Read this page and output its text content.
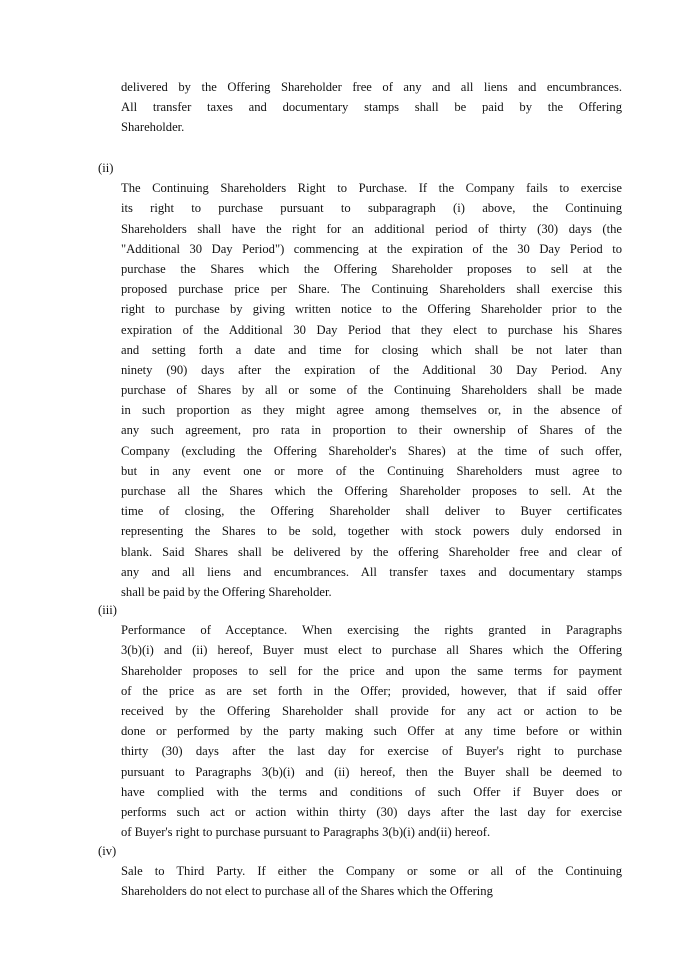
delivered by the Offering Shareholder free of any and all liens and encumbrances.
All transfer taxes and documentary stamps shall be paid by the Offering
Shareholder.
(ii)
The Continuing Shareholders Right to Purchase. If the Company fails to exercise
its right to purchase pursuant to subparagraph (i) above, the Continuing
Shareholders shall have the right for an additional period of thirty (30) days (the
"Additional 30 Day Period") commencing at the expiration of the 30 Day Period to
purchase the Shares which the Offering Shareholder proposes to sell at the
proposed purchase price per Share. The Continuing Shareholders shall exercise this
right to purchase by giving written notice to the Offering Shareholder prior to the
expiration of the Additional 30 Day Period that they elect to purchase his Shares
and setting forth a date and time for closing which shall be not later than
ninety (90) days after the expiration of the Additional 30 Day Period. Any
purchase of Shares by all or some of the Continuing Shareholders shall be made
in such proportion as they might agree among themselves or, in the absence of
any such agreement, pro rata in proportion to their ownership of Shares of the
Company (excluding the Offering Shareholder's Shares) at the time of such offer,
but in any event one or more of the Continuing Shareholders must agree to
purchase all the Shares which the Offering Shareholder proposes to sell. At the
time of closing, the Offering Shareholder shall deliver to Buyer certificates
representing the Shares to be sold, together with stock powers duly endorsed in
blank. Said Shares shall be delivered by the offering Shareholder free and clear of
any and all liens and encumbrances. All transfer taxes and documentary stamps
shall be paid by the Offering Shareholder.
(iii)
Performance of Acceptance. When exercising the rights granted in Paragraphs
3(b)(i) and (ii) hereof, Buyer must elect to purchase all Shares which the Offering
Shareholder proposes to sell for the price and upon the same terms for payment
of the price as are set forth in the Offer; provided, however, that if said offer
received by the Offering Shareholder shall provide for any act or action to be
done or performed by the party making such Offer at any time before or within
thirty (30) days after the last day for exercise of Buyer's right to purchase
pursuant to Paragraphs 3(b)(i) and (ii) hereof, then the Buyer shall be deemed to
have complied with the terms and conditions of such Offer if Buyer does or
performs such act or action within thirty (30) days after the last day for exercise
of Buyer's right to purchase pursuant to Paragraphs 3(b)(i) and(ii) hereof.
(iv)
Sale to Third Party. If either the Company or some or all of the Continuing
Shareholders do not elect to purchase all of the Shares which the Offering
